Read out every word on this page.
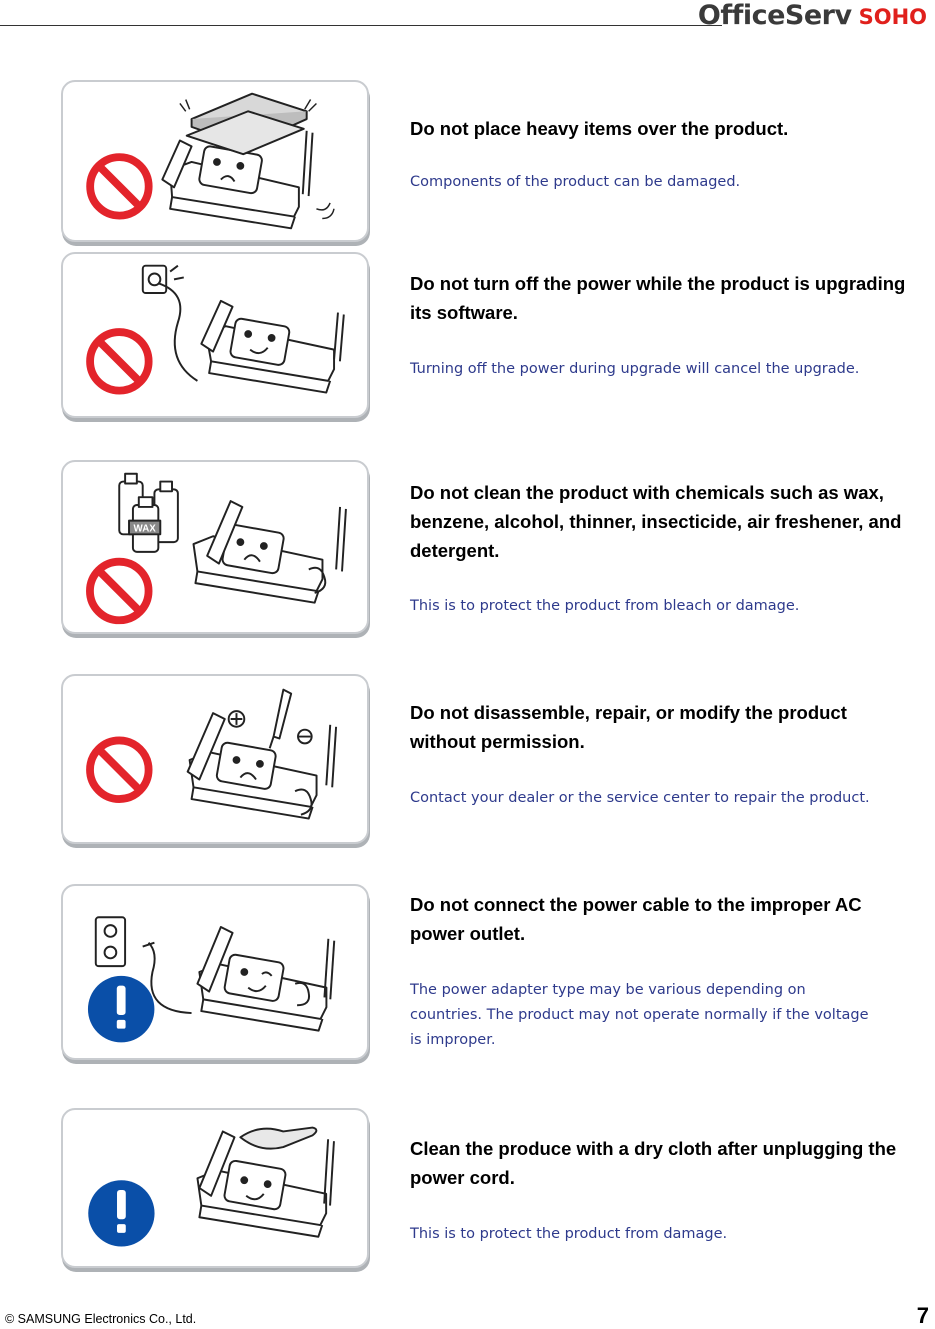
OfficeServ SOHO
Do not place heavy items over the product.
Components of the product can be damaged.
Do not turn off the power while the product is upgrading its software.
Turning off the power during upgrade will cancel the upgrade.
WAX
Do not clean the product with chemicals such as wax, benzene, alcohol, thinner, insecticide, air freshener, and detergent.
This is to protect the product from bleach or damage.
Do not disassemble, repair, or modify the product without permission.
Contact your dealer or the service center to repair the product.
Do not connect the power cable to the improper AC power outlet.
The power adapter type may be various depending on countries. The product may not operate normally if the voltage is improper.
Clean the produce with a dry cloth after unplugging the power cord.
This is to protect the product from damage.
© SAMSUNG Electronics Co., Ltd.	7
